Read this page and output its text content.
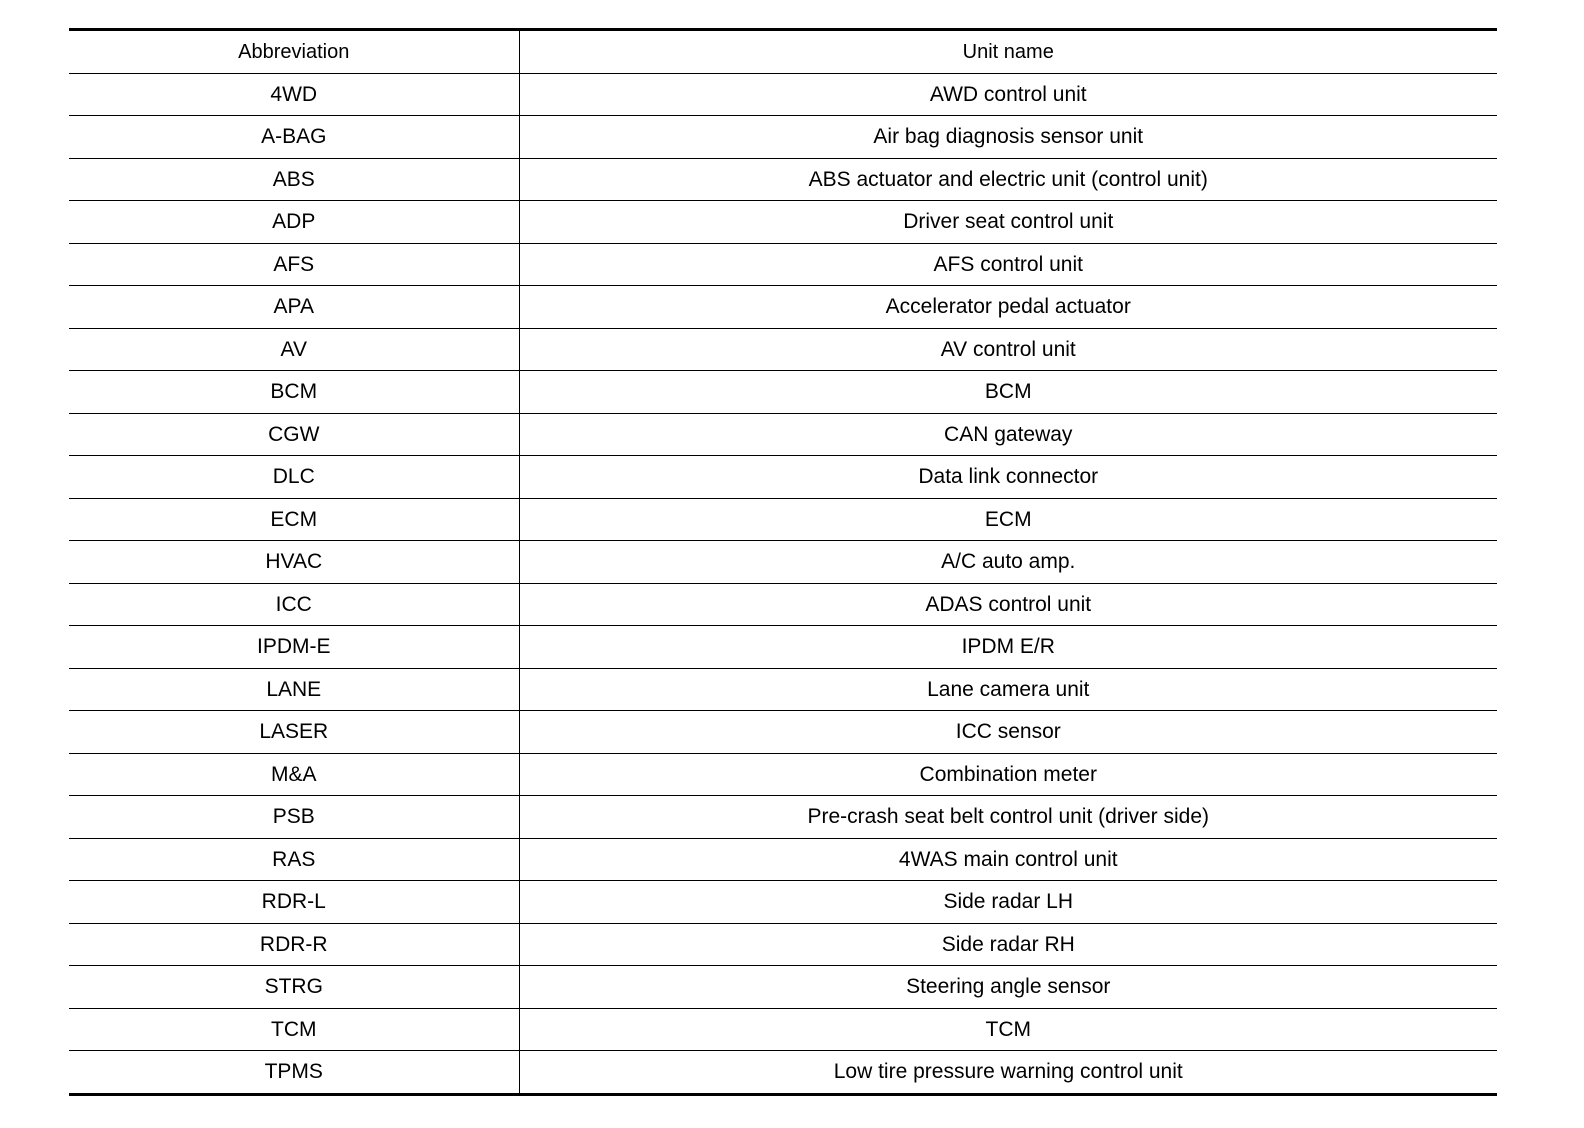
Abbreviation	Unit name
4WD	AWD control unit
A-BAG	Air bag diagnosis sensor unit
ABS	ABS actuator and electric unit (control unit)
ADP	Driver seat control unit
AFS	AFS control unit
APA	Accelerator pedal actuator
AV	AV control unit
BCM	BCM
CGW	CAN gateway
DLC	Data link connector
ECM	ECM
HVAC	A/C auto amp.
ICC	ADAS control unit
IPDM-E	IPDM E/R
LANE	Lane camera unit
LASER	ICC sensor
M&A	Combination meter
PSB	Pre-crash seat belt control unit (driver side)
RAS	4WAS main control unit
RDR-L	Side radar LH
RDR-R	Side radar RH
STRG	Steering angle sensor
TCM	TCM
TPMS	Low tire pressure warning control unit
